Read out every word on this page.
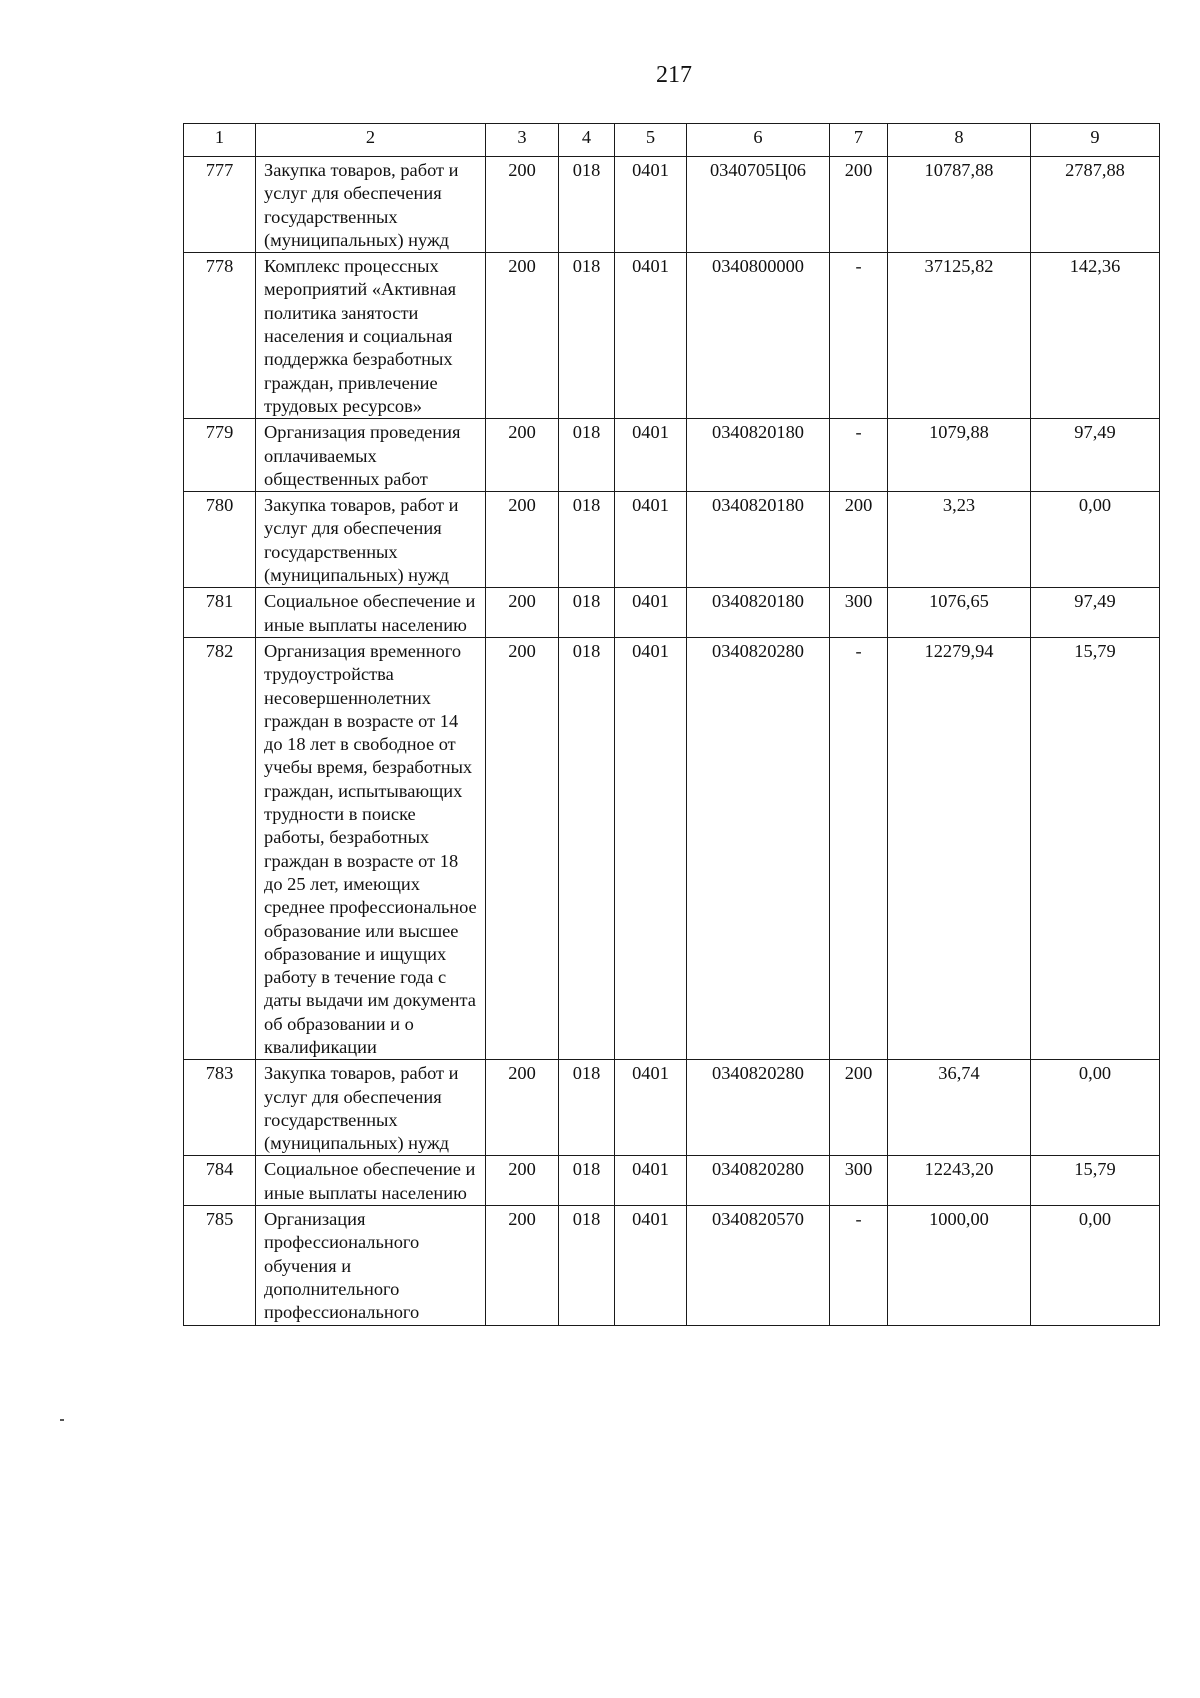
217
1	2	3	4	5	6	7	8	9
777	Закупка товаров, работ и услуг для обеспечения государственных (муниципальных) нужд	200	018	0401	0340705Ц06	200	10787,88	2787,88
778	Комплекс процессных мероприятий «Активная политика занятости населения и социальная поддержка безработных граждан, привлечение трудовых ресурсов»	200	018	0401	0340800000	-	37125,82	142,36
779	Организация проведения оплачиваемых общественных работ	200	018	0401	0340820180	-	1079,88	97,49
780	Закупка товаров, работ и услуг для обеспечения государственных (муниципальных) нужд	200	018	0401	0340820180	200	3,23	0,00
781	Социальное обеспечение и иные выплаты населению	200	018	0401	0340820180	300	1076,65	97,49
782	Организация временного трудоустройства несовершеннолетних граждан в возрасте от 14 до 18 лет в свободное от учебы время, безработных граждан, испытывающих трудности в поиске работы, безработных граждан в возрасте от 18 до 25 лет, имеющих среднее профессиональное образование или высшее образование и ищущих работу в течение года с даты выдачи им документа об образовании и о квалификации	200	018	0401	0340820280	-	12279,94	15,79
783	Закупка товаров, работ и услуг для обеспечения государственных (муниципальных) нужд	200	018	0401	0340820280	200	36,74	0,00
784	Социальное обеспечение и иные выплаты населению	200	018	0401	0340820280	300	12243,20	15,79
785	Организация профессионального обучения и дополнительного профессионального	200	018	0401	0340820570	-	1000,00	0,00
